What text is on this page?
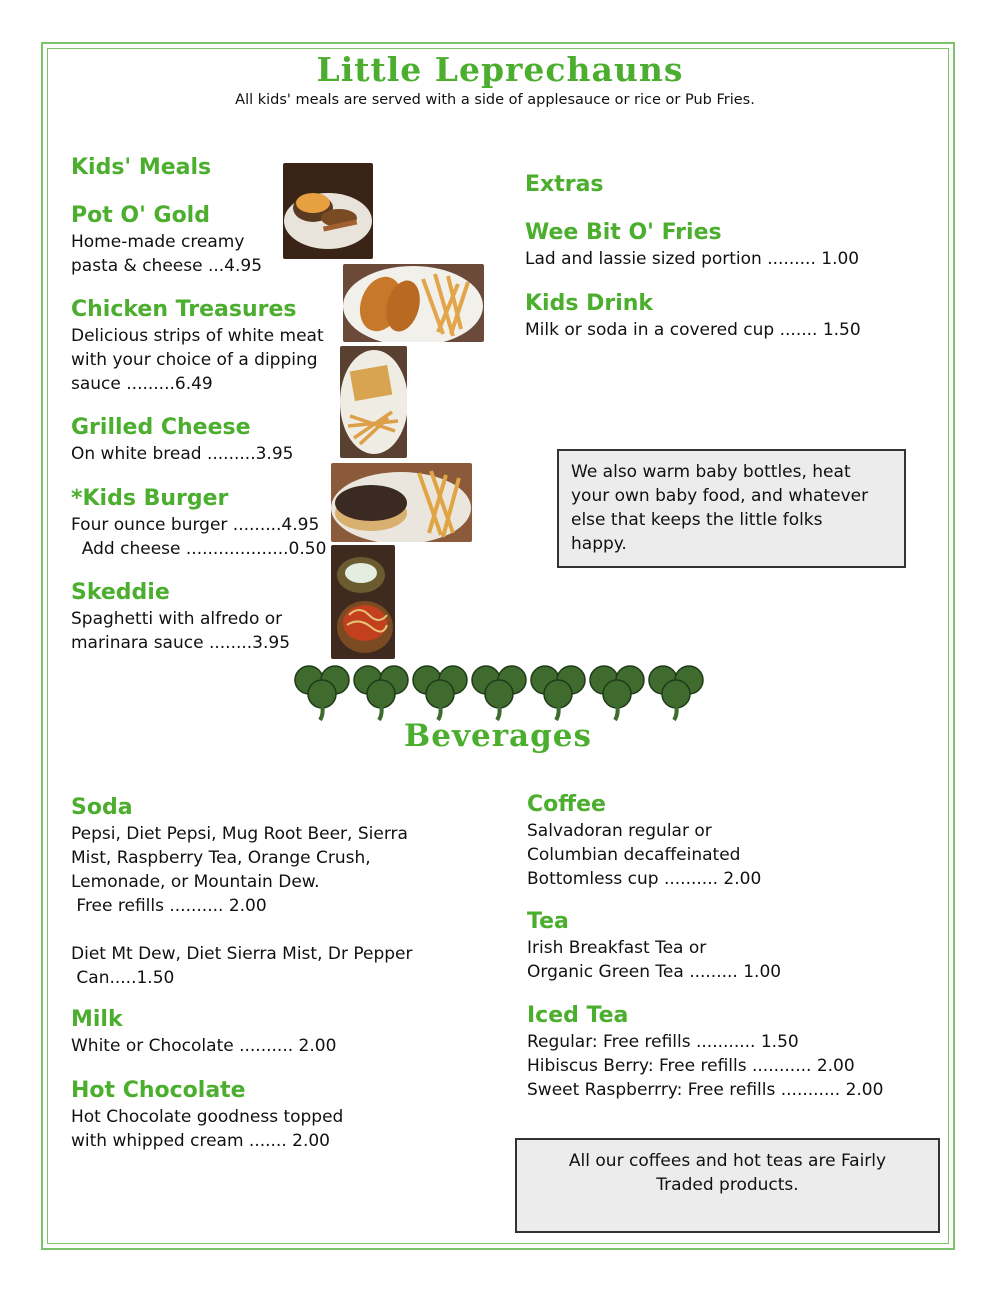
Little Leprechauns
All kids' meals are served with a side of applesauce or rice or Pub Fries.
Kids' Meals
Pot O' Gold
Home-made creamy
pasta & cheese ...4.95
Chicken Treasures
Delicious strips of white meat
with your choice of a dipping
sauce .........6.49
Grilled Cheese
On white bread .........3.95
*Kids Burger
Four ounce burger .........4.95
Add cheese ...................0.50
Skeddie
Spaghetti with alfredo or
marinara sauce ........3.95
Extras
Wee Bit O' Fries
Lad and lassie sized portion ......... 1.00
Kids Drink
Milk or soda in a covered cup ....... 1.50
We also warm baby bottles, heat
your own baby food, and whatever
else that keeps the little folks
happy.
Beverages
Soda
Pepsi, Diet Pepsi, Mug Root Beer, Sierra
Mist, Raspberry Tea, Orange Crush,
Lemonade, or Mountain Dew.
Free refills .......... 2.00

Diet Mt Dew, Diet Sierra Mist, Dr Pepper
Can.....1.50
Milk
White or Chocolate .......... 2.00
Hot Chocolate
Hot Chocolate goodness topped
with whipped cream ....... 2.00
Coffee
Salvadoran regular or
Columbian decaffeinated
Bottomless cup .......... 2.00
Tea
Irish Breakfast Tea or
Organic Green Tea ......... 1.00
Iced Tea
Regular: Free refills ........... 1.50
Hibiscus Berry: Free refills ........... 2.00
Sweet Raspberrry: Free refills ........... 2.00
All our coffees and hot teas are Fairly
Traded products.
